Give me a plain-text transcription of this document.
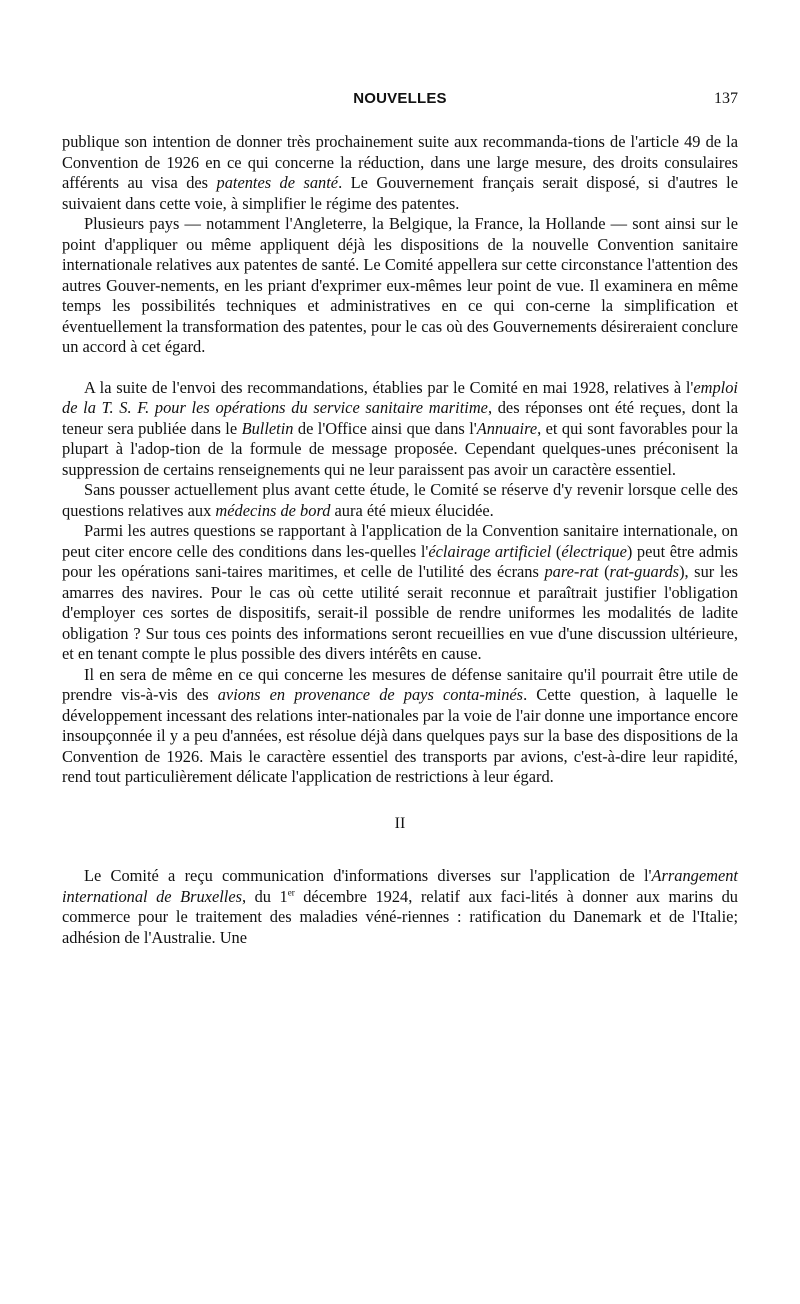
NOUVELLES	137

publique son intention de donner très prochainement suite aux recommanda-tions de l'article 49 de la Convention de 1926 en ce qui concerne la réduction, dans une large mesure, des droits consulaires afférents au visa des patentes de santé. Le Gouvernement français serait disposé, si d'autres le suivaient dans cette voie, à simplifier le régime des patentes.

Plusieurs pays — notamment l'Angleterre, la Belgique, la France, la Hollande — sont ainsi sur le point d'appliquer ou même appliquent déjà les dispositions de la nouvelle Convention sanitaire internationale relatives aux patentes de santé. Le Comité appellera sur cette circonstance l'attention des autres Gouver-nements, en les priant d'exprimer eux-mêmes leur point de vue. Il examinera en même temps les possibilités techniques et administratives en ce qui con-cerne la simplification et éventuellement la transformation des patentes, pour le cas où des Gouvernements désireraient conclure un accord à cet égard.

A la suite de l'envoi des recommandations, établies par le Comité en mai 1928, relatives à l'emploi de la T. S. F. pour les opérations du service sanitaire maritime, des réponses ont été reçues, dont la teneur sera publiée dans le Bulletin de l'Office ainsi que dans l'Annuaire, et qui sont favorables pour la plupart à l'adop-tion de la formule de message proposée. Cependant quelques-unes préconisent la suppression de certains renseignements qui ne leur paraissent pas avoir un caractère essentiel.

Sans pousser actuellement plus avant cette étude, le Comité se réserve d'y revenir lorsque celle des questions relatives aux médecins de bord aura été mieux élucidée.

Parmi les autres questions se rapportant à l'application de la Convention sanitaire internationale, on peut citer encore celle des conditions dans les-quelles l'éclairage artificiel (électrique) peut être admis pour les opérations sani-taires maritimes, et celle de l'utilité des écrans pare-rat (rat-guards), sur les amarres des navires. Pour le cas où cette utilité serait reconnue et paraîtrait justifier l'obligation d'employer ces sortes de dispositifs, serait-il possible de rendre uniformes les modalités de ladite obligation ? Sur tous ces points des informations seront recueillies en vue d'une discussion ultérieure, et en tenant compte le plus possible des divers intérêts en cause.

Il en sera de même en ce qui concerne les mesures de défense sanitaire qu'il pourrait être utile de prendre vis-à-vis des avions en provenance de pays conta-minés. Cette question, à laquelle le développement incessant des relations inter-nationales par la voie de l'air donne une importance encore insoupçonnée il y a peu d'années, est résolue déjà dans quelques pays sur la base des dispositions de la Convention de 1926. Mais le caractère essentiel des transports par avions, c'est-à-dire leur rapidité, rend tout particulièrement délicate l'application de restrictions à leur égard.

II

Le Comité a reçu communication d'informations diverses sur l'application de l'Arrangement international de Bruxelles, du 1er décembre 1924, relatif aux faci-lités à donner aux marins du commerce pour le traitement des maladies véné-riennes : ratification du Danemark et de l'Italie; adhésion de l'Australie. Une
